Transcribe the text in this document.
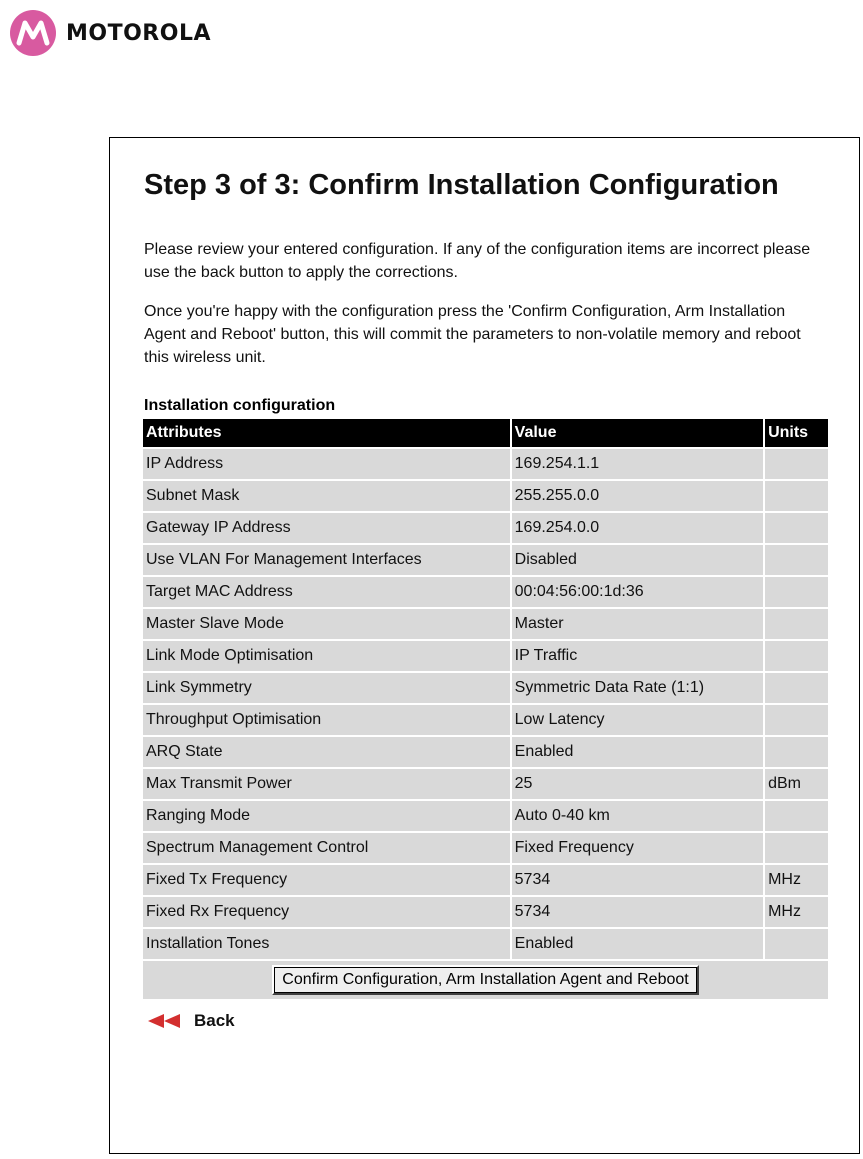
MOTOROLA
Step 3 of 3: Confirm Installation Configuration

Please review your entered configuration. If any of the configuration items are incorrect please use the back button to apply the corrections.

Once you're happy with the configuration press the 'Confirm Configuration, Arm Installation Agent and Reboot' button, this will commit the parameters to non-volatile memory and reboot this wireless unit.

Installation configuration
Attributes	Value	Units
IP Address	169.254.1.1	
Subnet Mask	255.255.0.0	
Gateway IP Address	169.254.0.0	
Use VLAN For Management Interfaces	Disabled	
Target MAC Address	00:04:56:00:1d:36	
Master Slave Mode	Master	
Link Mode Optimisation	IP Traffic	
Link Symmetry	Symmetric Data Rate (1:1)	
Throughput Optimisation	Low Latency	
ARQ State	Enabled	
Max Transmit Power	25	dBm
Ranging Mode	Auto 0-40 km	
Spectrum Management Control	Fixed Frequency	
Fixed Tx Frequency	5734	MHz
Fixed Rx Frequency	5734	MHz
Installation Tones	Enabled	
Confirm Configuration, Arm Installation Agent and Reboot		
Back
